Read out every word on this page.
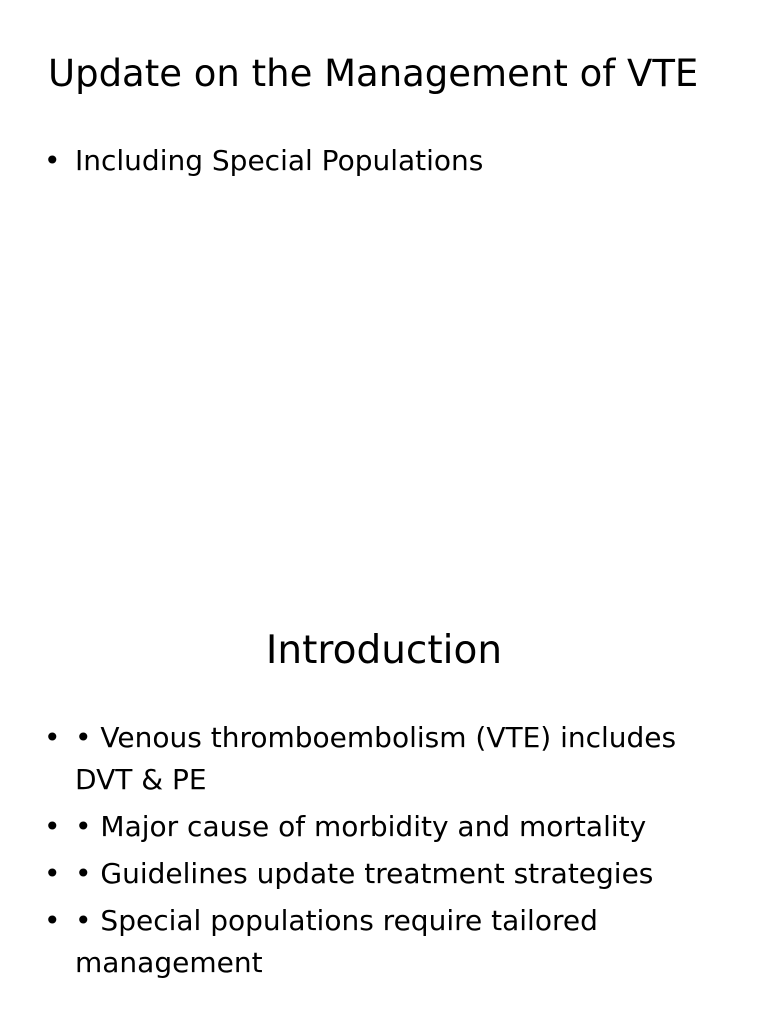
Update on the Management of VTE
• Including Special Populations
Introduction
• • Venous thromboembolism (VTE) includes DVT & PE
• • Major cause of morbidity and mortality
• • Guidelines update treatment strategies
• • Special populations require tailored management
